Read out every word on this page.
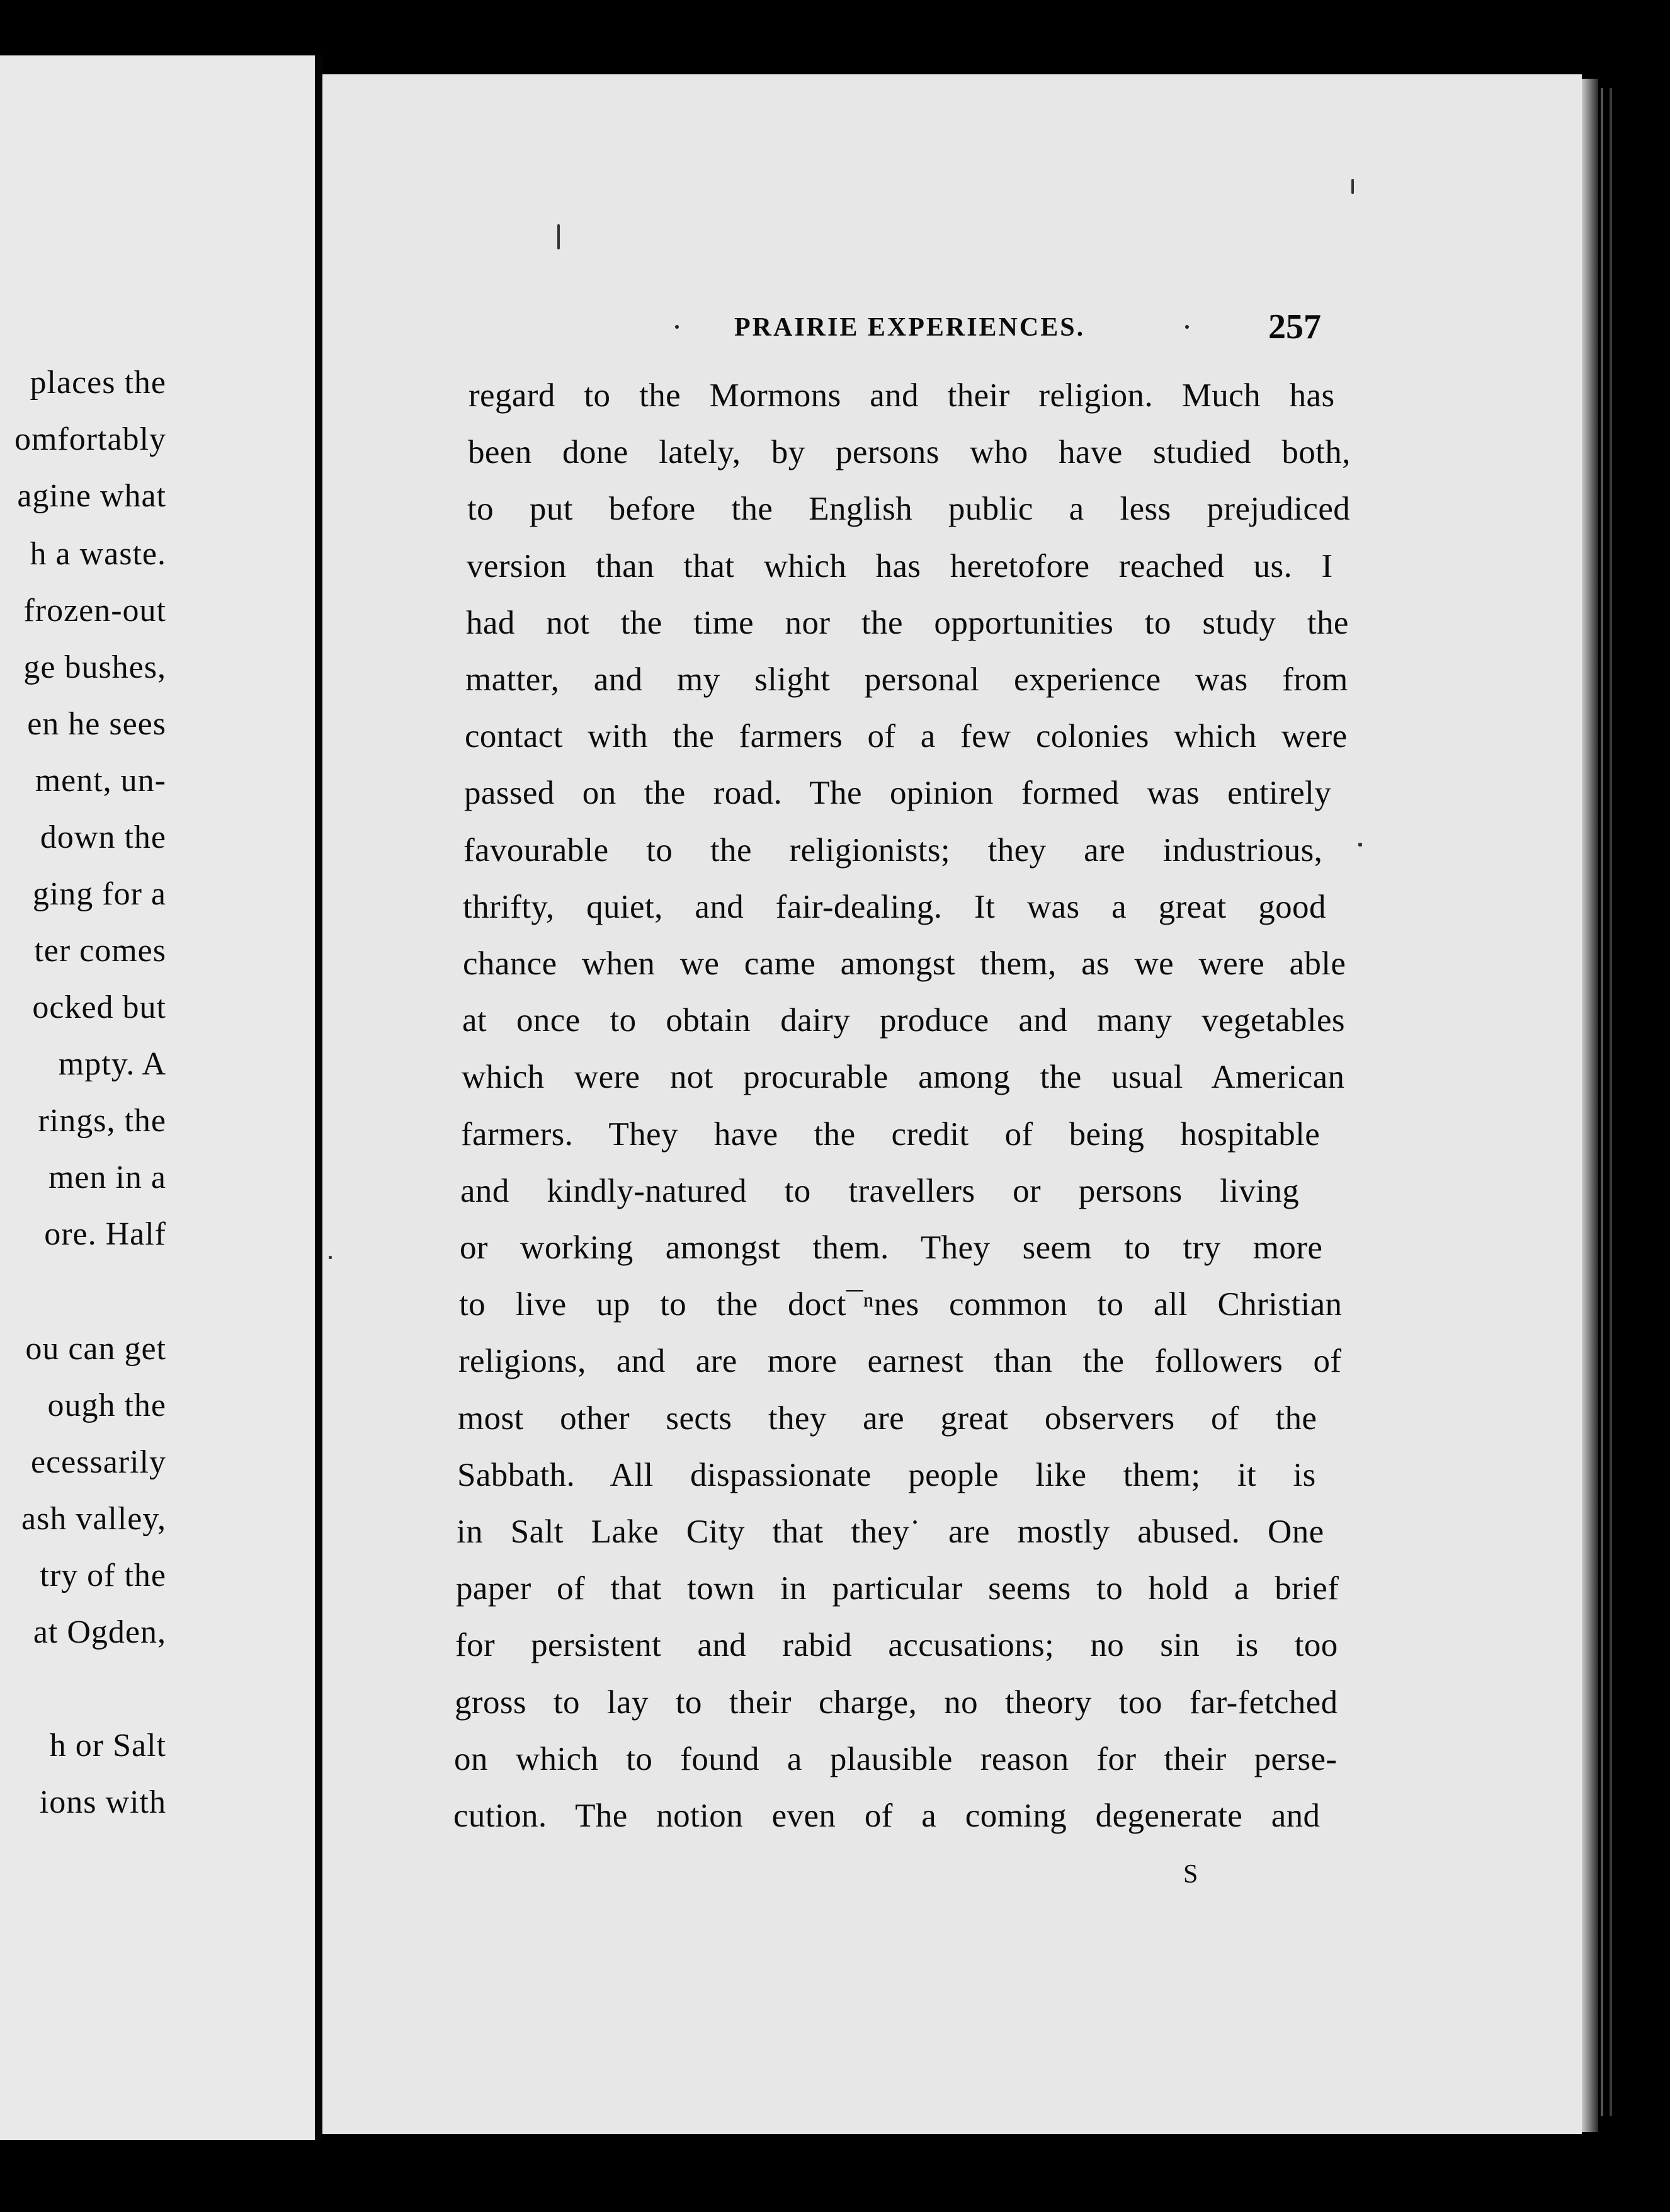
places the
omfortably
agine what
h a waste.
frozen-out
ge bushes,
en he sees
ment, un-
down the
ging for a
ter comes
ocked but
mpty. A
rings, the
men in a
ore. Half
ou can get
ough the
ecessarily
ash valley,
try of the
at Ogden,
h or Salt
ions with
PRAIRIE EXPERIENCES.	257
regard to the Mormons and their religion. Much has
been done lately, by persons who have studied both,
to put before the English public a less prejudiced
version than that which has heretofore reached us. I
had not the time nor the opportunities to study the
matter, and my slight personal experience was from
contact with the farmers of a few colonies which were
passed on the road. The opinion formed was entirely
favourable to the religionists; they are industrious,
thrifty, quiet, and fair-dealing. It was a great good
chance when we came amongst them, as we were able
at once to obtain dairy produce and many vegetables
which were not procurable among the usual American
farmers. They have the credit of being hospitable
and kindly-natured to travellers or persons living
or working amongst them. They seem to try more
to live up to the doct¯ⁿnes common to all Christian
religions, and are more earnest than the followers of
most other sects they are great observers of the
Sabbath. All dispassionate people like them; it is
in Salt Lake City that they˙ are mostly abused. One
paper of that town in particular seems to hold a brief
for persistent and rabid accusations; no sin is too
gross to lay to their charge, no theory too far-fetched
on which to found a plausible reason for their perse-
cution. The notion even of a coming degenerate and
S
